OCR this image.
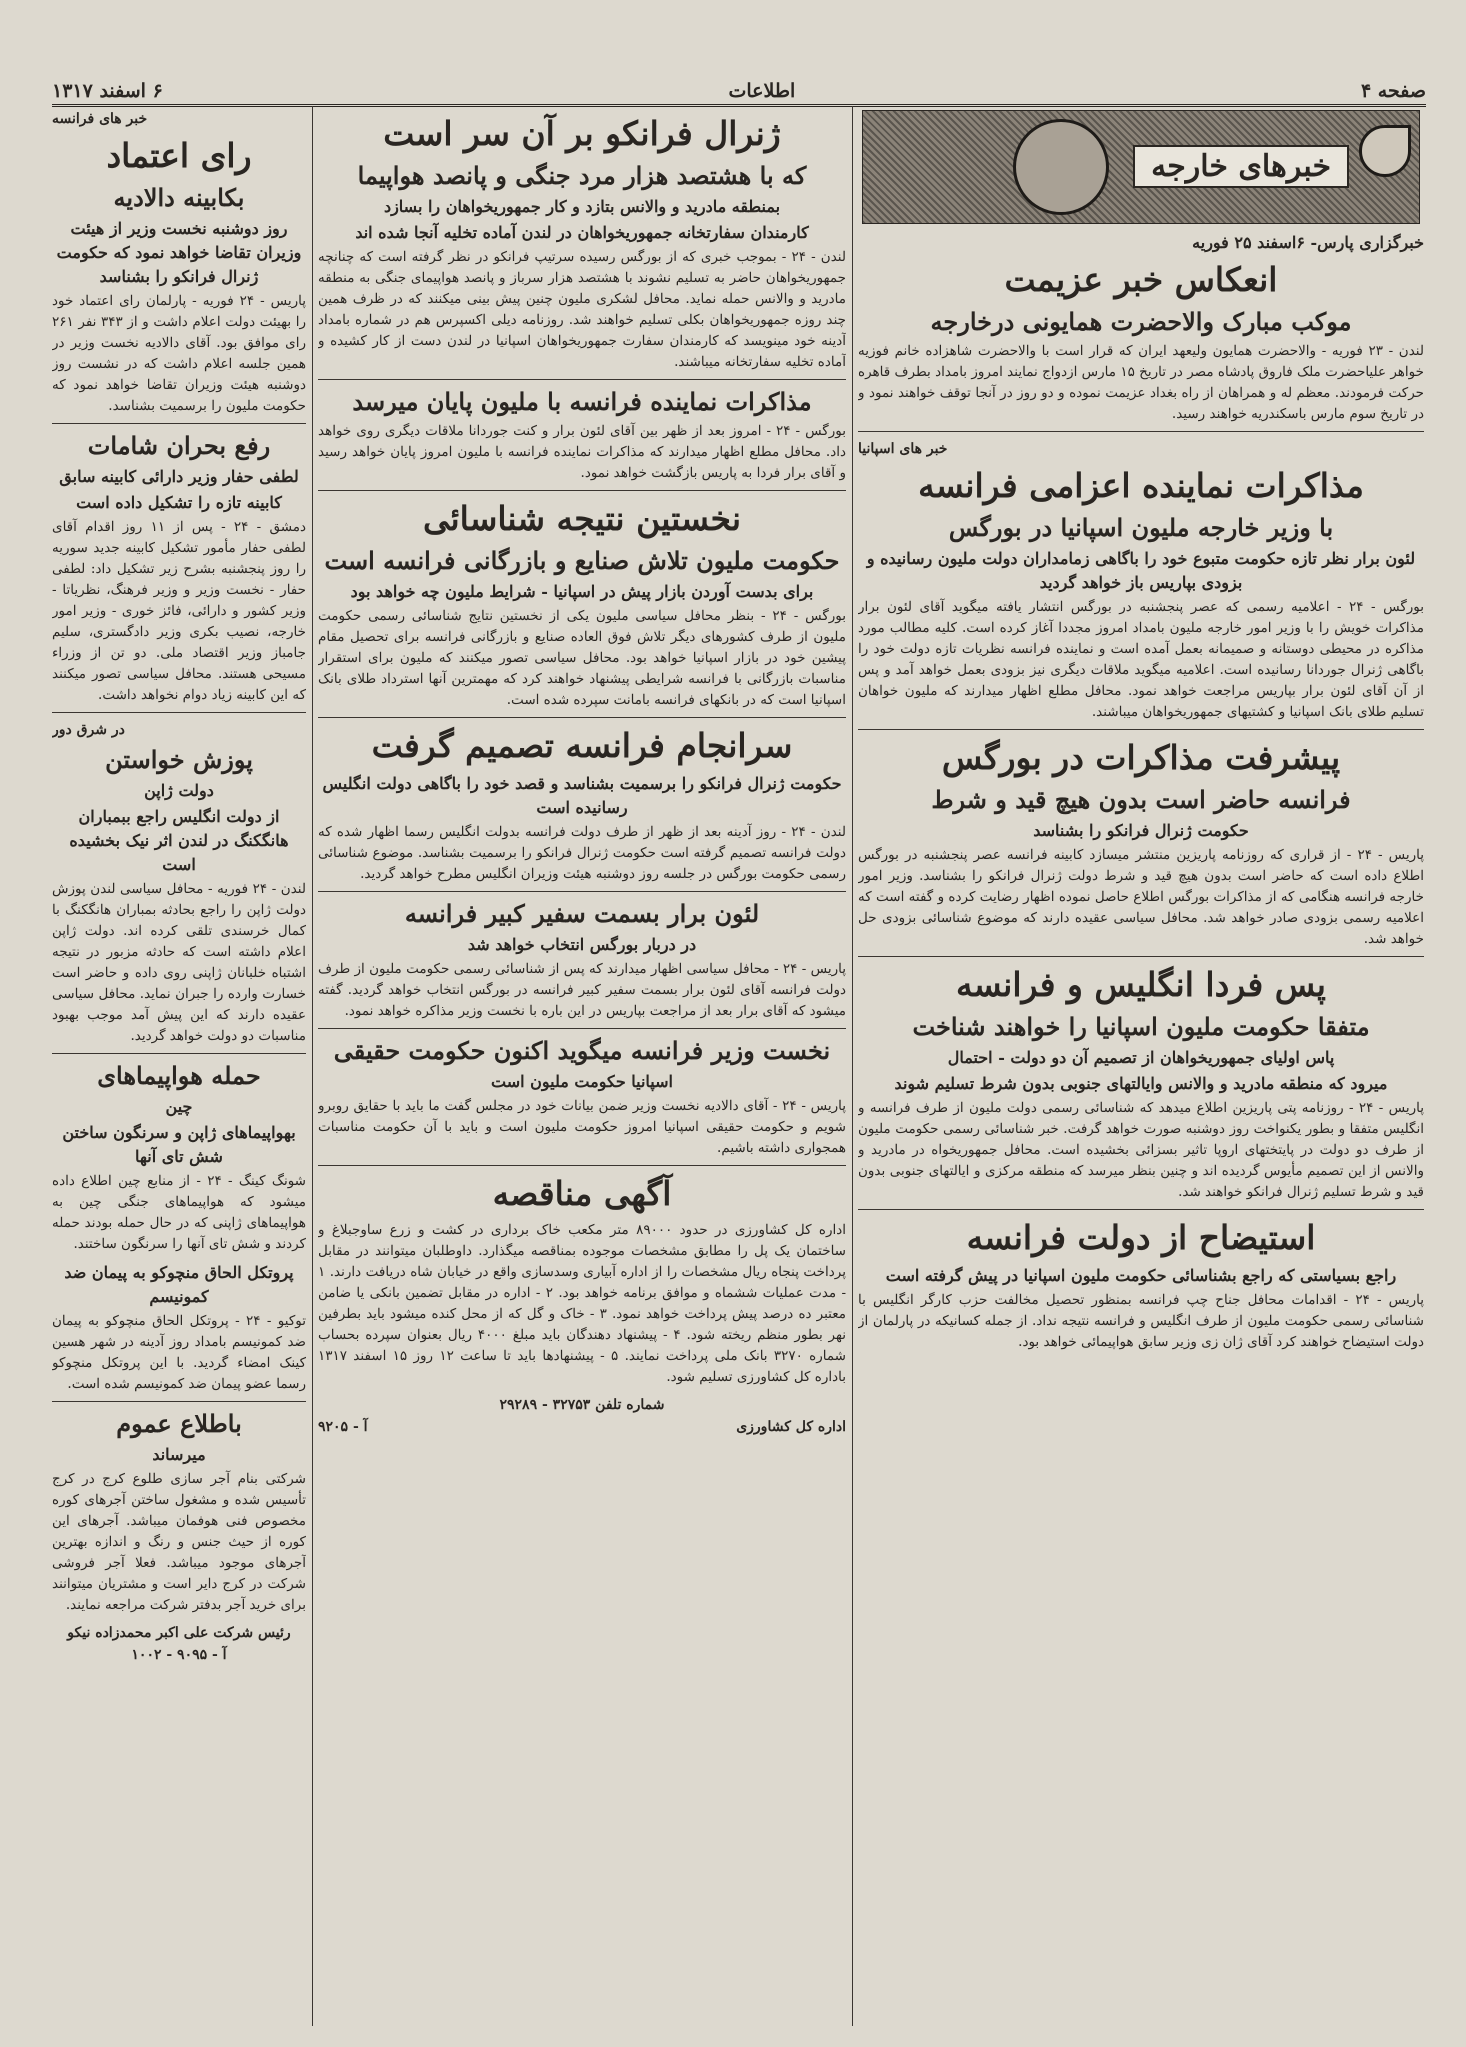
صفحه ۴
اطلاعات
۶ اسفند ۱۳۱۷
خبرهای خارجه
خبرگزاری پارس- ۶اسفند ۲۵ فوریه
انعکاس خبر عزیمت
موکب مبارک والاحضرت همایونی درخارجه

لندن - ۲۳ فوریه - والاحضرت همایون ولیعهد ایران که قرار است با والاحضرت شاهزاده خانم فوزیه خواهر علیاحضرت ملک فاروق پادشاه مصر در تاریخ ۱۵ مارس ازدواج نمایند امروز بامداد بطرف قاهره حرکت فرمودند. معظم له و همراهان از راه بغداد عزیمت نموده و دو روز در آنجا توقف خواهند نمود و در تاریخ سوم مارس باسکندریه خواهند رسید.

خبر های اسپانیا
مذاکرات نماینده اعزامی فرانسه
با وزیر خارجه ملیون اسپانیا در بورگس
لئون برار نظر تازه حکومت متبوع خود را باگاهی زمامداران دولت ملیون رسانیده و بزودی بپاریس باز خواهد گردید

بورگس - ۲۴ - اعلامیه رسمی که عصر پنجشنبه در بورگس انتشار یافته میگوید آقای لئون برار مذاکرات خویش را با وزیر امور خارجه ملیون بامداد امروز مجددا آغاز کرده است. کلیه مطالب مورد مذاکره در محیطی دوستانه و صمیمانه بعمل آمده است و نماینده فرانسه نظریات تازه دولت خود را باگاهی ژنرال جوردانا رسانیده است. اعلامیه میگوید ملاقات دیگری نیز بزودی بعمل خواهد آمد و پس از آن آقای لئون برار بپاریس مراجعت خواهد نمود. محافل مطلع اظهار میدارند که ملیون خواهان تسلیم طلای بانک اسپانیا و کشتیهای جمهوریخواهان میباشند.

پیشرفت مذاکرات در بورگس
فرانسه حاضر است بدون هیچ قید و شرط
حکومت ژنرال فرانکو را بشناسد

پاریس - ۲۴ - از قراری که روزنامه پاریزین منتشر میسازد کابینه فرانسه عصر پنجشنبه در بورگس اطلاع داده است که حاضر است بدون هیچ قید و شرط دولت ژنرال فرانکو را بشناسد. وزیر امور خارجه فرانسه هنگامی که از مذاکرات بورگس اطلاع حاصل نموده اظهار رضایت کرده و گفته است که اعلامیه رسمی بزودی صادر خواهد شد. محافل سیاسی عقیده دارند که موضوع شناسائی بزودی حل خواهد شد.

پس فردا انگلیس و فرانسه
متفقا حکومت ملیون اسپانیا را خواهند شناخت
پاس اولیای جمهوریخواهان از تصمیم آن دو دولت - احتمال
میرود که منطقه مادرید و والانس وایالتهای جنوبی بدون شرط تسلیم شوند

پاریس - ۲۴ - روزنامه پتی پاریزین اطلاع میدهد که شناسائی رسمی دولت ملیون از طرف فرانسه و انگلیس متفقا و بطور یکنواخت روز دوشنبه صورت خواهد گرفت. خبر شناسائی رسمی حکومت ملیون از طرف دو دولت در پایتختهای اروپا تاثیر بسزائی بخشیده است. محافل جمهوریخواه در مادرید و والانس از این تصمیم مأیوس گردیده اند و چنین بنظر میرسد که منطقه مرکزی و ایالتهای جنوبی بدون قید و شرط تسلیم ژنرال فرانکو خواهند شد.

استیضاح از دولت فرانسه
راجع بسیاستی که راجع بشناسائی حکومت ملیون اسپانیا در پیش گرفته است

پاریس - ۲۴ - اقدامات محافل جناح چپ فرانسه بمنظور تحصیل مخالفت حزب کارگر انگلیس با شناسائی رسمی حکومت ملیون از طرف انگلیس و فرانسه نتیجه نداد. از جمله کسانیکه در پارلمان از دولت استیضاح خواهند کرد آقای ژان زی وزیر سابق هواپیمائی خواهد بود.

ژنرال فرانکو بر آن سر است
که با هشتصد هزار مرد جنگی و پانصد هواپیما
بمنطقه مادرید و والانس بتازد و کار جمهوریخواهان را بسازد
کارمندان سفارتخانه جمهوریخواهان در لندن آماده تخلیه آنجا شده اند

لندن - ۲۴ - بموجب خبری که از بورگس رسیده سرتیپ فرانکو در نظر گرفته است که چنانچه جمهوریخواهان حاضر به تسلیم نشوند با هشتصد هزار سرباز و پانصد هواپیمای جنگی به منطقه مادرید و والانس حمله نماید. محافل لشکری ملیون چنین پیش بینی میکنند که در ظرف همین چند روزه جمهوریخواهان بکلی تسلیم خواهند شد. روزنامه دیلی اکسپرس هم در شماره بامداد آدینه خود مینویسد که کارمندان سفارت جمهوریخواهان اسپانیا در لندن دست از کار کشیده و آماده تخلیه سفارتخانه میباشند.

مذاکرات نماینده فرانسه با ملیون پایان میرسد

بورگس - ۲۴ - امروز بعد از ظهر بین آقای لئون برار و کنت جوردانا ملاقات دیگری روی خواهد داد. محافل مطلع اظهار میدارند که مذاکرات نماینده فرانسه با ملیون امروز پایان خواهد رسید و آقای برار فردا به پاریس بازگشت خواهد نمود.

نخستین نتیجه شناسائی
حکومت ملیون تلاش صنایع و بازرگانی فرانسه است
برای بدست آوردن بازار پیش در اسپانیا - شرایط ملیون چه خواهد بود

بورگس - ۲۴ - بنظر محافل سیاسی ملیون یکی از نخستین نتایج شناسائی رسمی حکومت ملیون از طرف کشورهای دیگر تلاش فوق العاده صنایع و بازرگانی فرانسه برای تحصیل مقام پیشین خود در بازار اسپانیا خواهد بود. محافل سیاسی تصور میکنند که ملیون برای استقرار مناسبات بازرگانی با فرانسه شرایطی پیشنهاد خواهند کرد که مهمترین آنها استرداد طلای بانک اسپانیا است که در بانکهای فرانسه بامانت سپرده شده است.

سرانجام فرانسه تصمیم گرفت
حکومت ژنرال فرانکو را برسمیت بشناسد و قصد خود را باگاهی دولت انگلیس رسانیده است

لندن - ۲۴ - روز آدینه بعد از ظهر از طرف دولت فرانسه بدولت انگلیس رسما اظهار شده که دولت فرانسه تصمیم گرفته است حکومت ژنرال فرانکو را برسمیت بشناسد. موضوع شناسائی رسمی حکومت بورگس در جلسه روز دوشنبه هیئت وزیران انگلیس مطرح خواهد گردید.

لئون برار بسمت سفیر کبیر فرانسه
در دربار بورگس انتخاب خواهد شد

پاریس - ۲۴ - محافل سیاسی اظهار میدارند که پس از شناسائی رسمی حکومت ملیون از طرف دولت فرانسه آقای لئون برار بسمت سفیر کبیر فرانسه در بورگس انتخاب خواهد گردید. گفته میشود که آقای برار بعد از مراجعت بپاریس در این باره با نخست وزیر مذاکره خواهد نمود.

نخست وزیر فرانسه میگوید اکنون حکومت حقیقی
اسپانیا حکومت ملیون است

پاریس - ۲۴ - آقای دالادیه نخست وزیر ضمن بیانات خود در مجلس گفت ما باید با حقایق روبرو شویم و حکومت حقیقی اسپانیا امروز حکومت ملیون است و باید با آن حکومت مناسبات همجواری داشته باشیم.

آگهی مناقصه

اداره کل کشاورزی در حدود ۸۹۰۰۰ متر مکعب خاک برداری در کشت و زرع ساوجبلاغ و ساختمان یک پل را مطابق مشخصات موجوده بمناقصه میگذارد. داوطلبان میتوانند در مقابل پرداخت پنجاه ریال مشخصات را از اداره آبیاری وسدسازی واقع در خیابان شاه دریافت دارند. ۱ - مدت عملیات ششماه و موافق برنامه خواهد بود. ۲ - اداره در مقابل تضمین بانکی یا ضامن معتبر ده درصد پیش پرداخت خواهد نمود. ۳ - خاک و گل که از محل کنده میشود باید بطرفین نهر بطور منظم ریخته شود. ۴ - پیشنهاد دهندگان باید مبلغ ۴۰۰۰ ریال بعنوان سپرده بحساب شماره ۳۲۷۰ بانک ملی پرداخت نمایند. ۵ - پیشنهادها باید تا ساعت ۱۲ روز ۱۵ اسفند ۱۳۱۷ باداره کل کشاورزی تسلیم شود.

شماره تلفن ۳۲۷۵۳ - ۲۹۲۸۹
اداره کل کشاورزی
آ - ۹۲۰۵
خبر های فرانسه
رای اعتماد
بکابینه دالادیه
روز دوشنبه نخست وزیر از هیئت وزیران تقاضا خواهد نمود که حکومت ژنرال فرانکو را بشناسد

پاریس - ۲۴ فوریه - پارلمان رای اعتماد خود را بهیئت دولت اعلام داشت و از ۳۴۳ نفر ۲۶۱ رای موافق بود. آقای دالادیه نخست وزیر در همین جلسه اعلام داشت که در نشست روز دوشنبه هیئت وزیران تقاضا خواهد نمود که حکومت ملیون را برسمیت بشناسد.

رفع بحران شامات
لطفی حفار وزیر دارائی کابینه سابق
کابینه تازه را تشکیل داده است

دمشق - ۲۴ - پس از ۱۱ روز اقدام آقای لطفی حفار مأمور تشکیل کابینه جدید سوریه را روز پنجشنبه بشرح زیر تشکیل داد: لطفی حفار - نخست وزیر و وزیر فرهنگ، نظریاتا - وزیر کشور و دارائی، فائز خوری - وزیر امور خارجه، نصیب بکری وزیر دادگستری، سلیم جامباز وزیر اقتصاد ملی. دو تن از وزراء مسیحی هستند. محافل سیاسی تصور میکنند که این کابینه زیاد دوام نخواهد داشت.

در شرق دور
پوزش خواستن
دولت ژاپن
از دولت انگلیس راجع ببمباران هانگکنگ در لندن اثر نیک بخشیده است

لندن - ۲۴ فوریه - محافل سیاسی لندن پوزش دولت ژاپن را راجع بحادثه بمباران هانگکنگ با کمال خرسندی تلقی کرده اند. دولت ژاپن اعلام داشته است که حادثه مزبور در نتیجه اشتباه خلبانان ژاپنی روی داده و حاضر است خسارت وارده را جبران نماید. محافل سیاسی عقیده دارند که این پیش آمد موجب بهبود مناسبات دو دولت خواهد گردید.

حمله هواپیماهای
چین
بهواپیماهای ژاپن و سرنگون ساختن شش تای آنها

شونگ کینگ - ۲۴ - از منابع چین اطلاع داده میشود که هواپیماهای جنگی چین به هواپیماهای ژاپنی که در حال حمله بودند حمله کردند و شش تای آنها را سرنگون ساختند.

پروتکل الحاق منچوکو به پیمان ضد کمونیسم

توکیو - ۲۴ - پروتکل الحاق منچوکو به پیمان ضد کمونیسم بامداد روز آدینه در شهر هسین کینک امضاء گردید. با این پروتکل منچوکو رسما عضو پیمان ضد کمونیسم شده است.

باطلاع عموم
میرساند

شرکتی بنام آجر سازی طلوع کرج در کرج تأسیس شده و مشغول ساختن آجرهای کوره مخصوص فنی هوفمان میباشد. آجرهای این کوره از حیث جنس و رنگ و اندازه بهترین آجرهای موجود میباشد. فعلا آجر فروشی شرکت در کرج دایر است و مشتریان میتوانند برای خرید آجر بدفتر شرکت مراجعه نمایند.

رئیس شرکت علی اکبر محمدزاده نیکو
آ - ۹۰۹۵ - ۱۰۰۲
